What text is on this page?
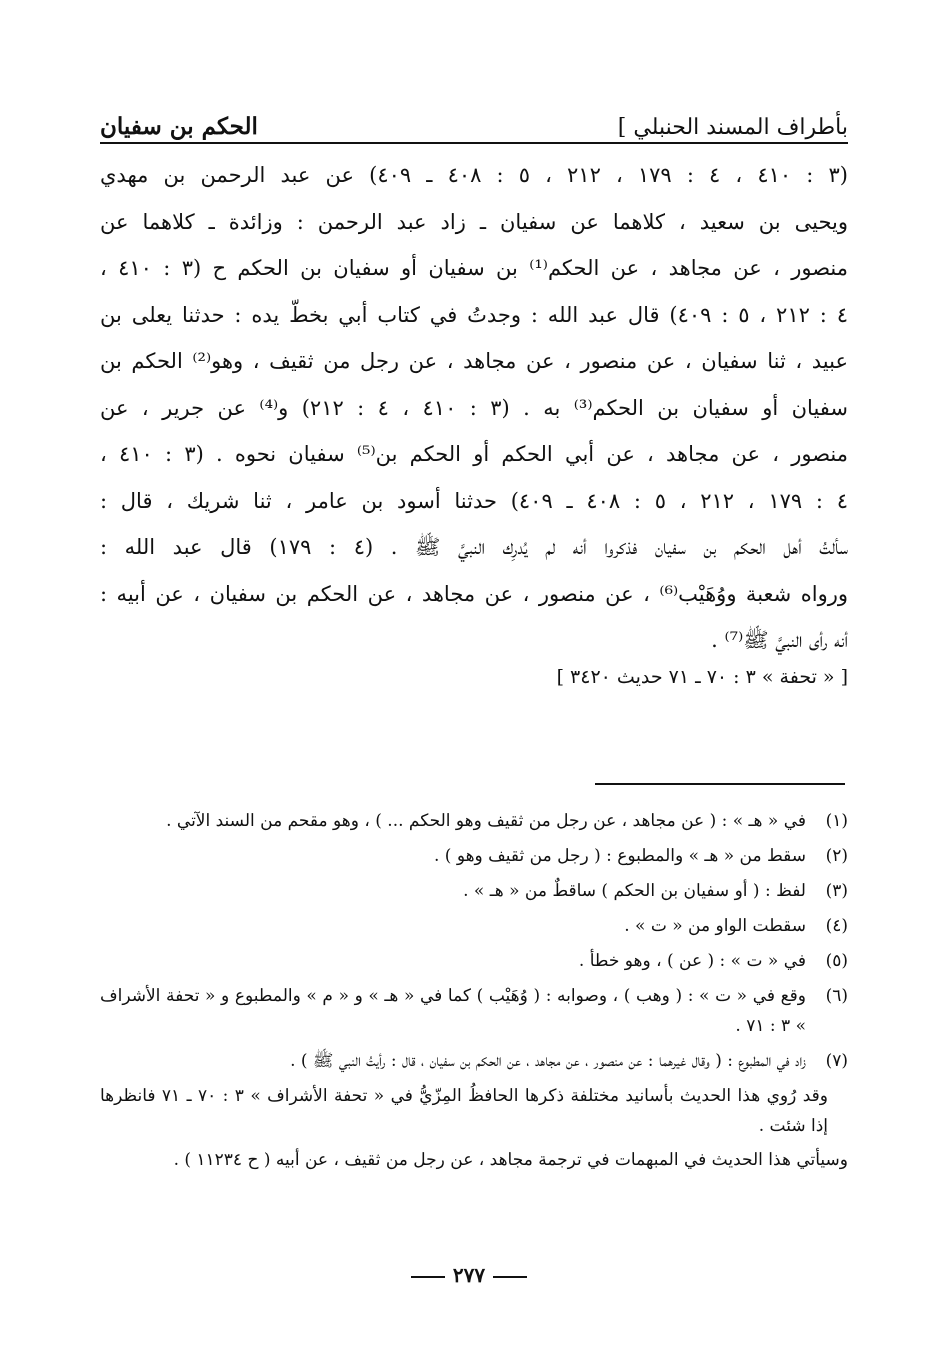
بأطراف المسند الحنبلي ]
الحكم بن سفيان
(٣ : ٤١٠ ، ٤ : ١٧٩ ، ٢١٢ ، ٥ : ٤٠٨ ـ ٤٠٩) عن عبد الرحمن بن مهدي
ويحيى بن سعيد ، كلاهما عن سفيان ـ زاد عبد الرحمن : وزائدة ـ كلاهما عن
منصور ، عن مجاهد ، عن الحكم⁽¹⁾ بن سفيان أو سفيان بن الحكم ح (٣ : ٤١٠ ،
٤ : ٢١٢ ، ٥ : ٤٠٩) قال عبد الله : وجدتُ في كتاب أبي بخطّ يده : حدثنا يعلى بن
عبيد ، ثنا سفيان ، عن منصور ، عن مجاهد ، عن رجل من ثقيف ، وهو⁽²⁾ الحكم بن
سفيان أو سفيان بن الحكم⁽³⁾ به . (٣ : ٤١٠ ، ٤ : ٢١٢) و⁽⁴⁾ عن جرير ، عن
منصور ، عن مجاهد ، عن أبي الحكم أو الحكم بن⁽⁵⁾ سفيان نحوه . (٣ : ٤١٠ ،
٤ : ١٧٩ ، ٢١٢ ، ٥ : ٤٠٨ ـ ٤٠٩) حدثنا أسود بن عامر ، ثنا شريك ، قال :
سألتُ أهل الحكم بن سفيان فذكروا أنه لم يُدرِك النبيَّ ﷺ . (٤ : ١٧٩) قال عبد الله :
ورواه شعبة ووُهَيْب⁽⁶⁾ ، عن منصور ، عن مجاهد ، عن الحكم بن سفيان ، عن أبيه :
أنه رأى النبيَّ ﷺ⁽⁷⁾ .
[ « تحفة » ٣ : ٧٠ ـ ٧١ حديث ٣٤٢٠ ]
(١)
في « هـ » : ( عن مجاهد ، عن رجل من ثقيف وهو الحكم ... ) ، وهو مقحم من السند الآتي .
(٢)
سقط من « هـ » والمطبوع : ( رجل من ثقيف وهو ) .
(٣)
لفظ : ( أو سفيان بن الحكم ) ساقطٌ من « هـ » .
(٤)
سقطت الواو من « ت » .
(٥)
في « ت » : ( عن ) ، وهو خطأ .
(٦)
وقع في « ت » : ( وهب ) ، وصوابه : ( وُهَيْب ) كما في « هـ » و « م » والمطبوع و « تحفة الأشراف » ٣ : ٧١ .
(٧)
زاد في المطبوع : ( وقال غيرهما : عن منصور ، عن مجاهد ، عن الحكم بن سفيان ، قال : رأيتُ النبي ﷺ ) .
وقد رُوي هذا الحديث بأسانيد مختلفة ذكرها الحافظُ المِزّيُّ في « تحفة الأشراف » ٣ : ٧٠ ـ ٧١ فانظرها إذا شئت .
وسيأتي هذا الحديث في المبهمات في ترجمة مجاهد ، عن رجل من ثقيف ، عن أبيه ( ح ١١٢٣٤ ) .
٢٧٧
